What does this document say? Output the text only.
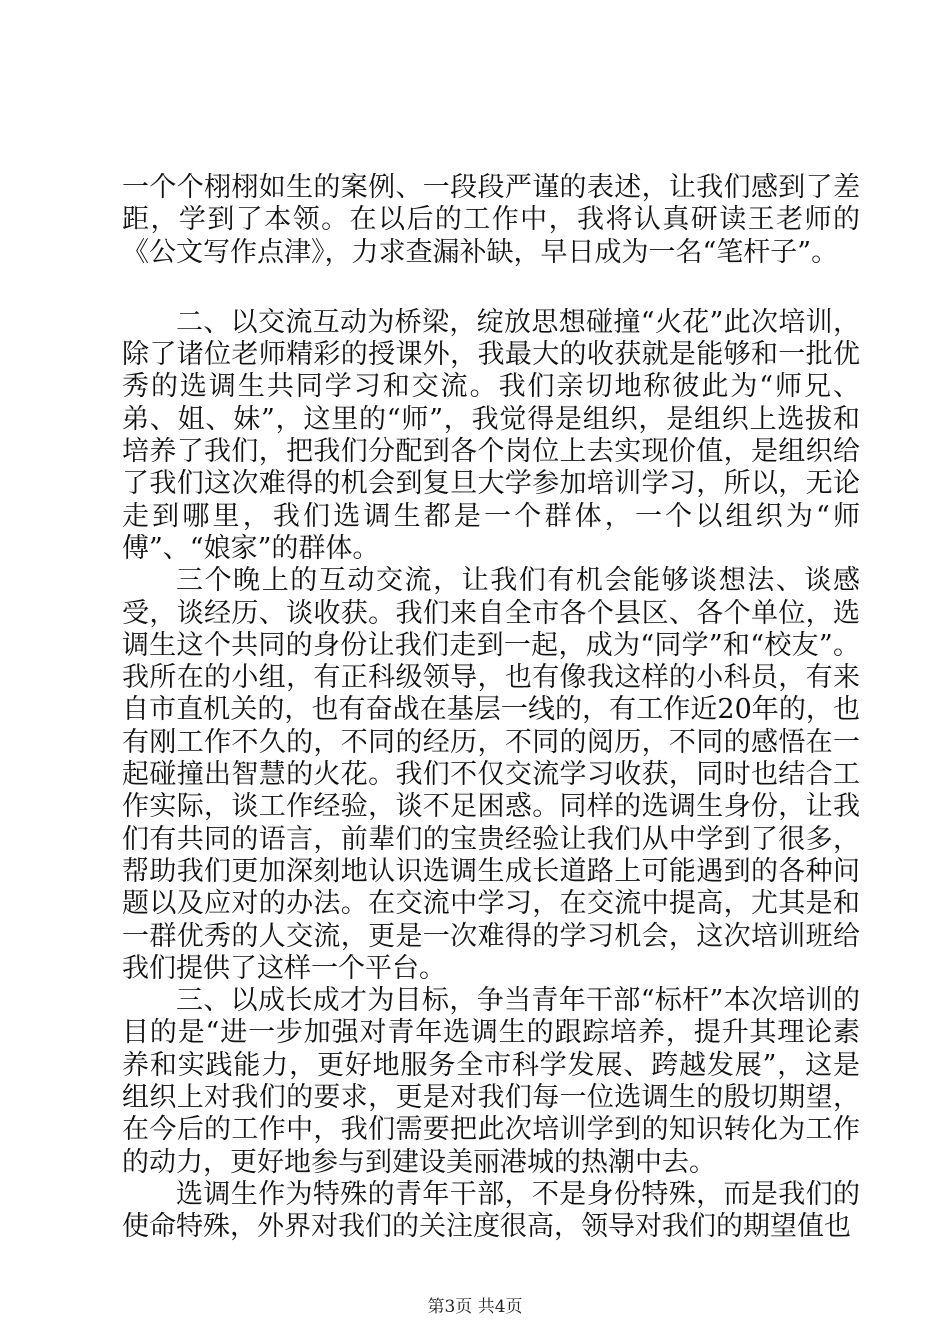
一个个栩栩如生的案例、一段段严谨的表述，让我们感到了差距，学到了本领。在以后的工作中，我将认真研读王老师的《公文写作点津》，力求查漏补缺，早日成为一名“笔杆子”。

二、以交流互动为桥梁，绽放思想碰撞“火花”此次培训，除了诸位老师精彩的授课外，我最大的收获就是能够和一批优秀的选调生共同学习和交流。我们亲切地称彼此为“师兄、弟、姐、妹”，这里的“师”，我觉得是组织，是组织上选拔和培养了我们，把我们分配到各个岗位上去实现价值，是组织给了我们这次难得的机会到复旦大学参加培训学习，所以，无论走到哪里，我们选调生都是一个群体，一个以组织为“师傅”、“娘家”的群体。

三个晚上的互动交流，让我们有机会能够谈想法、谈感受，谈经历、谈收获。我们来自全市各个县区、各个单位，选调生这个共同的身份让我们走到一起，成为“同学”和“校友”。我所在的小组，有正科级领导，也有像我这样的小科员，有来自市直机关的，也有奋战在基层一线的，有工作近20年的，也有刚工作不久的，不同的经历，不同的阅历，不同的感悟在一起碰撞出智慧的火花。我们不仅交流学习收获，同时也结合工作实际，谈工作经验，谈不足困惑。同样的选调生身份，让我们有共同的语言，前辈们的宝贵经验让我们从中学到了很多，帮助我们更加深刻地认识选调生成长道路上可能遇到的各种问题以及应对的办法。在交流中学习，在交流中提高，尤其是和一群优秀的人交流，更是一次难得的学习机会，这次培训班给我们提供了这样一个平台。

三、以成长成才为目标，争当青年干部“标杆”本次培训的目的是“进一步加强对青年选调生的跟踪培养，提升其理论素养和实践能力，更好地服务全市科学发展、跨越发展”，这是组织上对我们的要求，更是对我们每一位选调生的殷切期望，在今后的工作中，我们需要把此次培训学到的知识转化为工作的动力，更好地参与到建设美丽港城的热潮中去。

选调生作为特殊的青年干部，不是身份特殊，而是我们的使命特殊，外界对我们的关注度很高，领导对我们的期望值也

第3页 共4页
